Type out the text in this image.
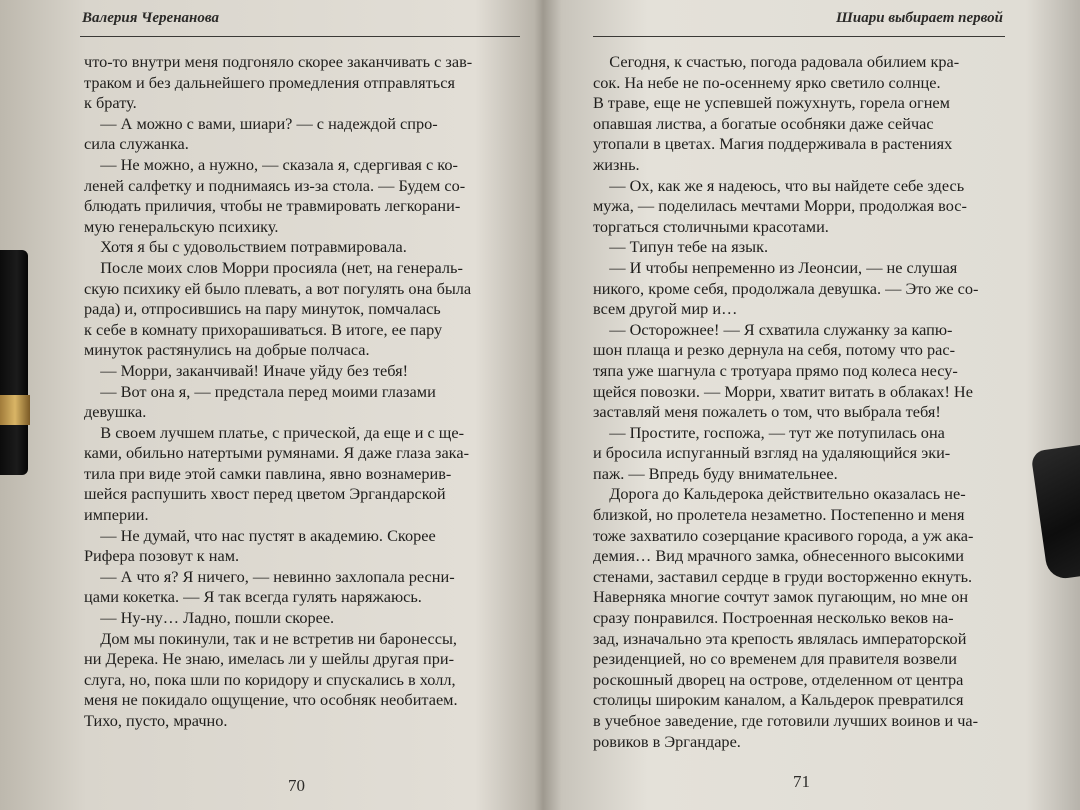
Валерия Черенанова
что-то внутри меня подгоняло скорее заканчивать с зав-
траком и без дальнейшего промедления отправляться
к брату.
— А можно с вами, шиари? — с надеждой спро-
сила служанка.
— Не можно, а нужно, — сказала я, сдергивая с ко-
леней салфетку и поднимаясь из-за стола. — Будем со-
блюдать приличия, чтобы не травмировать легкорани-
мую генеральскую психику.
Хотя я бы с удовольствием потравмировала.
После моих слов Морри просияла (нет, на генераль-
скую психику ей было плевать, а вот погулять она была
рада) и, отпросившись на пару минуток, помчалась
к себе в комнату прихорашиваться. В итоге, ее пару
минуток растянулись на добрые полчаса.
— Морри, заканчивай! Иначе уйду без тебя!
— Вот она я, — предстала перед моими глазами
девушка.
В своем лучшем платье, с прической, да еще и с ще-
ками, обильно натертыми румянами. Я даже глаза зака-
тила при виде этой самки павлина, явно вознамерив-
шейся распушить хвост перед цветом Эргандарской
империи.
— Не думай, что нас пустят в академию. Скорее
Рифера позовут к нам.
— А что я? Я ничего, — невинно захлопала ресни-
цами кокетка. — Я так всегда гулять наряжаюсь.
— Ну-ну… Ладно, пошли скорее.
Дом мы покинули, так и не встретив ни баронессы,
ни Дерека. Не знаю, имелась ли у шейлы другая при-
слуга, но, пока шли по коридору и спускались в холл,
меня не покидало ощущение, что особняк необитаем.
Тихо, пусто, мрачно.
70
Шиари выбирает первой
Сегодня, к счастью, погода радовала обилием кра-
сок. На небе не по-осеннему ярко светило солнце.
В траве, еще не успевшей пожухнуть, горела огнем
опавшая листва, а богатые особняки даже сейчас
утопали в цветах. Магия поддерживала в растениях
жизнь.
— Ох, как же я надеюсь, что вы найдете себе здесь
мужа, — поделилась мечтами Морри, продолжая вос-
торгаться столичными красотами.
— Типун тебе на язык.
— И чтобы непременно из Леонсии, — не слушая
никого, кроме себя, продолжала девушка. — Это же со-
всем другой мир и…
— Осторожнее! — Я схватила служанку за капю-
шон плаща и резко дернула на себя, потому что рас-
тяпа уже шагнула с тротуара прямо под колеса несу-
щейся повозки. — Морри, хватит витать в облаках! Не
заставляй меня пожалеть о том, что выбрала тебя!
— Простите, госпожа, — тут же потупилась она
и бросила испуганный взгляд на удаляющийся эки-
паж. — Впредь буду внимательнее.
Дорога до Кальдерока действительно оказалась не-
близкой, но пролетела незаметно. Постепенно и меня
тоже захватило созерцание красивого города, а уж ака-
демия… Вид мрачного замка, обнесенного высокими
стенами, заставил сердце в груди восторженно екнуть.
Наверняка многие сочтут замок пугающим, но мне он
сразу понравился. Построенная несколько веков на-
зад, изначально эта крепость являлась императорской
резиденцией, но со временем для правителя возвели
роскошный дворец на острове, отделенном от центра
столицы широким каналом, а Кальдерок превратился
в учебное заведение, где готовили лучших воинов и ча-
ровиков в Эргандаре.
71
